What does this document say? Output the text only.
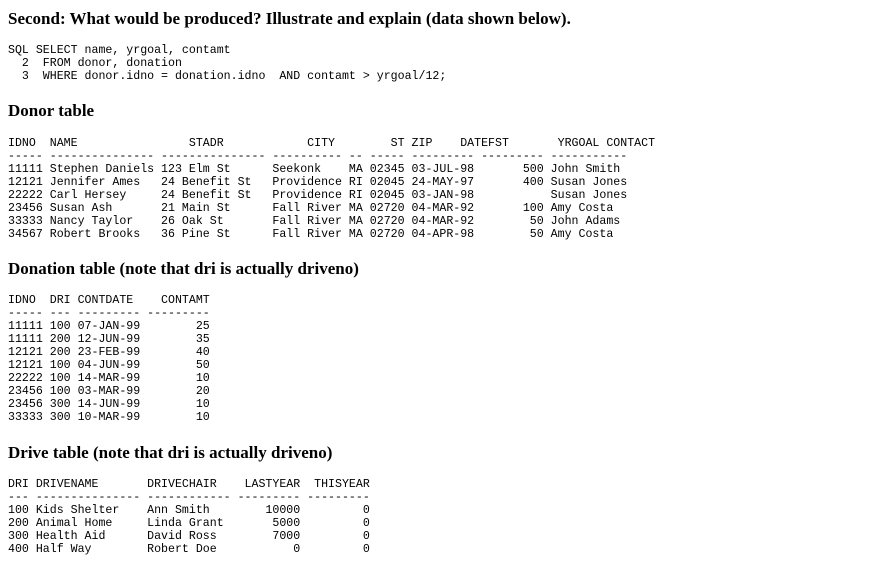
Second: What would be produced? Illustrate and explain (data shown below).
SQL SELECT name, yrgoal, contamt
2  FROM donor, donation
3  WHERE donor.idno = donation.idno  AND contamt > yrgoal/12;
Donor table
IDNO  NAME                STADR            CITY        ST ZIP    DATEFST       YRGOAL CONTACT
----- --------------- --------------- ---------- -- ----- --------- --------- -----------
11111 Stephen Daniels 123 Elm St      Seekonk    MA 02345 03-JUL-98       500 John Smith
12121 Jennifer Ames   24 Benefit St   Providence RI 02045 24-MAY-97       400 Susan Jones
22222 Carl Hersey     24 Benefit St   Providence RI 02045 03-JAN-98           Susan Jones
23456 Susan Ash       21 Main St      Fall River MA 02720 04-MAR-92       100 Amy Costa
33333 Nancy Taylor    26 Oak St       Fall River MA 02720 04-MAR-92        50 John Adams
34567 Robert Brooks   36 Pine St      Fall River MA 02720 04-APR-98        50 Amy Costa
Donation table (note that dri is actually driveno)
IDNO  DRI CONTDATE    CONTAMT
----- --- --------- ---------
11111 100 07-JAN-99        25
11111 200 12-JUN-99        35
12121 200 23-FEB-99        40
12121 100 04-JUN-99        50
22222 100 14-MAR-99        10
23456 100 03-MAR-99        20
23456 300 14-JUN-99        10
33333 300 10-MAR-99        10
Drive table (note that dri is actually driveno)
DRI DRIVENAME       DRIVECHAIR    LASTYEAR  THISYEAR
--- --------------- ------------ --------- ---------
100 Kids Shelter    Ann Smith        10000         0
200 Animal Home     Linda Grant       5000         0
300 Health Aid      David Ross        7000         0
400 Half Way        Robert Doe           0         0
